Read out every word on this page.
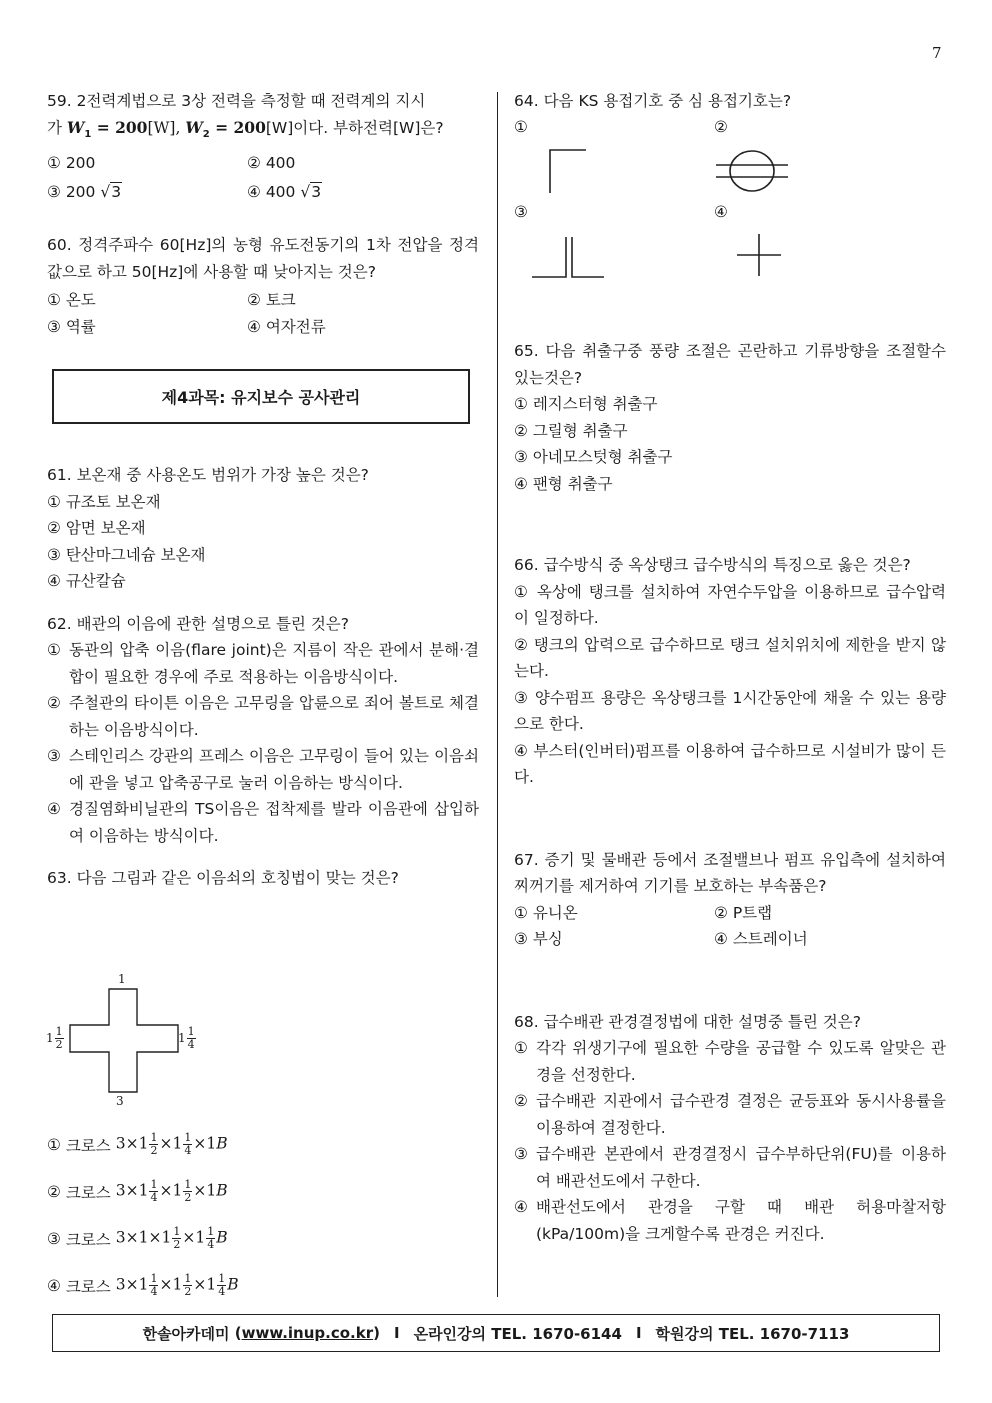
7
59. 2전력계법으로 3상 전력을 측정할 때 전력계의 지시
가 $W_1 = 200[W]$, $W_2 = 200[W]$이다. 부하전력[W]은?
① 200	② 400
③ 200 √3	④ 400 √3
60. 정격주파수 60[Hz]의 농형 유도전동기의 1차 전압을 정격값으로 하고 50[Hz]에 사용할 때 낮아지는 것은?
① 온도	② 토크
③ 역률	④ 여자전류
제4과목: 유지보수 공사관리
61. 보온재 중 사용온도 범위가 가장 높은 것은?
① 규조토 보온재
② 암면 보온재
③ 탄산마그네슘 보온재
④ 규산칼슘
62. 배관의 이음에 관한 설명으로 틀린 것은?
① 동관의 압축 이음(flare joint)은 지름이 작은 관에서 분해·결합이 필요한 경우에 주로 적용하는 이음방식이다.
② 주철관의 타이튼 이음은 고무링을 압륜으로 죄어 볼트로 체결하는 이음방식이다.
③ 스테인리스 강관의 프레스 이음은 고무링이 들어 있는 이음쇠에 관을 넣고 압축공구로 눌러 이음하는 방식이다.
④ 경질염화비닐관의 TS이음은 접착제를 발라 이음관에 삽입하여 이음하는 방식이다.
63. 다음 그림과 같은 이음쇠의 호칭법이 맞는 것은?
1
3
$1 \frac{1}{2}$	$1 \frac{1}{4}$
①
크로스
$3\times 1 \frac{1}{2} \times 1 \frac{1}{4} \times 1B$
②
크로스
$3\times 1 \frac{1}{4} \times 1 \frac{1}{2} \times 1B$
③
크로스
$3\times 1\times 1 \frac{1}{2} \times 1 \frac{1}{4}$ B
④
크로스
$3\times 1 \frac{1}{4} \times 1 \frac{1}{2} \times 1 \frac{1}{4}$ B
64. 다음 KS 용접기호 중 심 용접기호는?
①	②
③	④
65. 다음 취출구중 풍량 조절은 곤란하고 기류방향을 조절할수있는것은?
① 레지스터형 취출구
② 그릴형 취출구
③ 아네모스텃형 취출구
④ 팬형 취출구
66. 급수방식 중 옥상탱크 급수방식의 특징으로 옳은 것은?
① 옥상에 탱크를 설치하여 자연수두압을 이용하므로 급수압력이 일정하다.
② 탱크의 압력으로 급수하므로 탱크 설치위치에 제한을 받지 않는다.
③ 양수펌프 용량은 옥상탱크를 1시간동안에 채울 수 있는 용량으로 한다.
④ 부스터(인버터)펌프를 이용하여 급수하므로 시설비가 많이 든다.
67. 증기 및 물배관 등에서 조절밸브나 펌프 유입측에 설치하여 찌꺼기를 제거하여 기기를 보호하는 부속품은?
① 유니온	② P트랩
③ 부싱	④ 스트레이너
68. 급수배관 관경결정법에 대한 설명중 틀린 것은?
① 각각 위생기구에 필요한 수량을 공급할 수 있도록 알맞은 관경을 선정한다.
② 급수배관 지관에서 급수관경 결정은 균등표와 동시사용률을 이용하여 결정한다.
③ 급수배관 본관에서 관경결정시 급수부하단위(FU)를 이용하여 배관선도에서 구한다.
④ 배관선도에서 관경을 구할 때 배관 허용마찰저항(kPa/100m)을 크게할수록 관경은 커진다.
한솔아카데미 ( www.inup.co.kr ) I 온라인강의 TEL. 1670-6144 I 학원강의 TEL. 1670-7113
